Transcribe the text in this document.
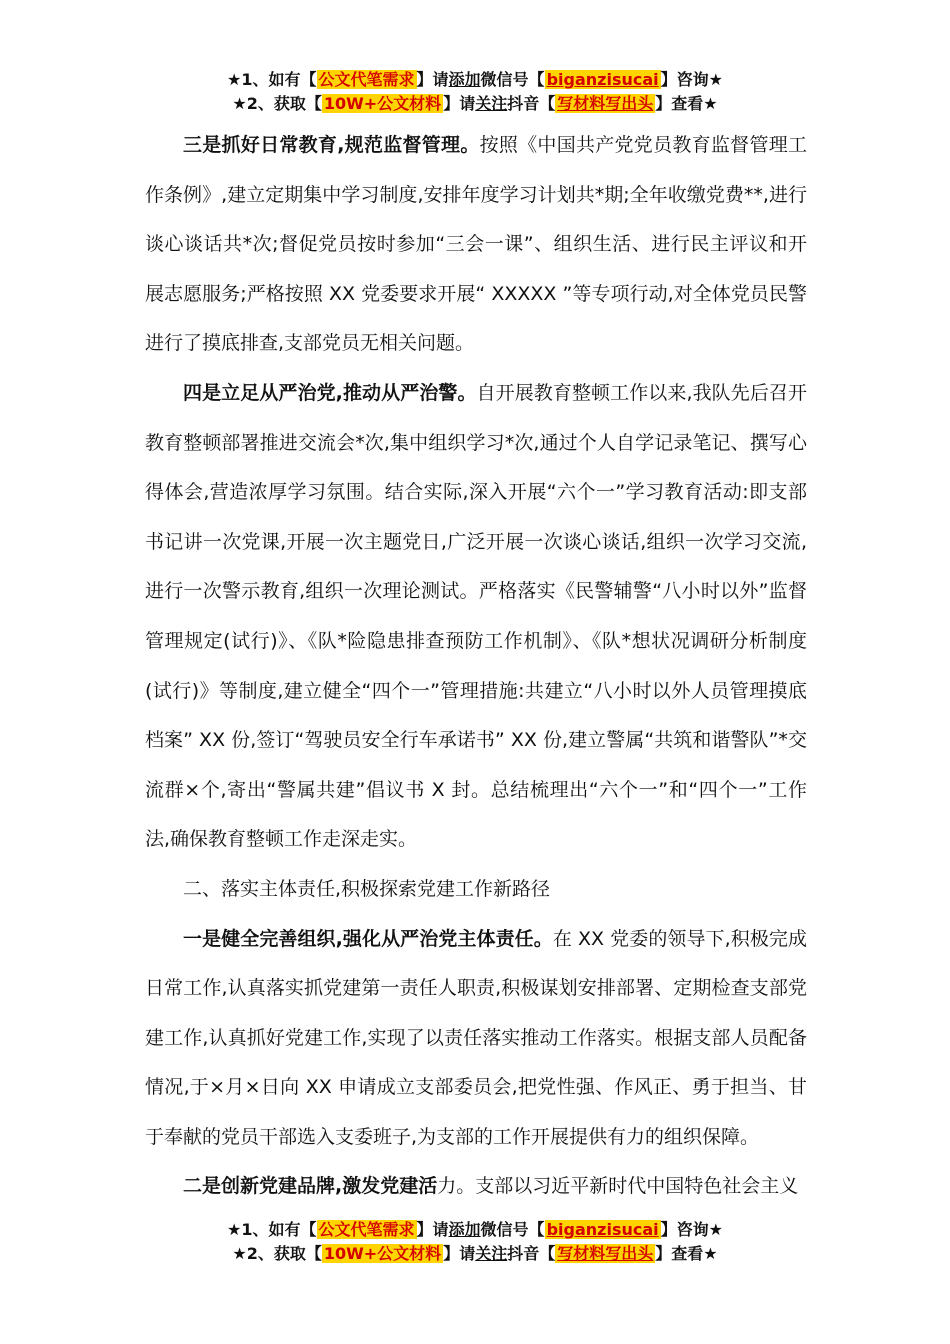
★1、如有【 公文代笔需求 】请添加微信号【 biganzisucai 】咨询★
★2、获取【 10W+公文材料 】请关注抖音【 写材料写出头 】查看★

三是抓好日常教育,规范监督管理。按照《中国共产党党员教育监督管理工作条例》,建立定期集中学习制度,安排年度学习计划共*期;全年收缴党费**,进行谈心谈话共*次;督促党员按时参加“三会一课”、组织生活、进行民主评议和开展志愿服务;严格按照 XX 党委要求开展“ XXXXX ”等专项行动,对全体党员民警进行了摸底排查,支部党员无相关问题。

四是立足从严治党,推动从严治警。自开展教育整顿工作以来,我队先后召开教育整顿部署推进交流会*次,集中组织学习*次,通过个人自学记录笔记、撰写心得体会,营造浓厚学习氛围。结合实际,深入开展“六个一”学习教育活动:即支部书记讲一次党课,开展一次主题党日,广泛开展一次谈心谈话,组织一次学习交流,进行一次警示教育,组织一次理论测试。严格落实《民警辅警“八小时以外”监督管理规定(试行)》、《队*险隐患排查预防工作机制》、《队*想状况调研分析制度(试行)》等制度,建立健全“四个一”管理措施:共建立“八小时以外人员管理摸底档案” XX 份,签订“驾驶员安全行车承诺书” XX 份,建立警属“共筑和谐警队”*交流群×个,寄出“警属共建”倡议书 X 封。总结梳理出“六个一”和“四个一”工作法,确保教育整顿工作走深走实。

二、落实主体责任,积极探索党建工作新路径

一是健全完善组织,强化从严治党主体责任。在 XX 党委的领导下,积极完成日常工作,认真落实抓党建第一责任人职责,积极谋划安排部署、定期检查支部党建工作,认真抓好党建工作,实现了以责任落实推动工作落实。根据支部人员配备情况,于×月×日向 XX 申请成立支部委员会,把党性强、作风正、勇于担当、甘于奉献的党员干部选入支委班子,为支部的工作开展提供有力的组织保障。

二是创新党建品牌,激发党建活力。支部以习近平新时代中国特色社会主义

★1、如有【 公文代笔需求 】请添加微信号【 biganzisucai 】咨询★
★2、获取【 10W+公文材料 】请关注抖音【 写材料写出头 】查看★
